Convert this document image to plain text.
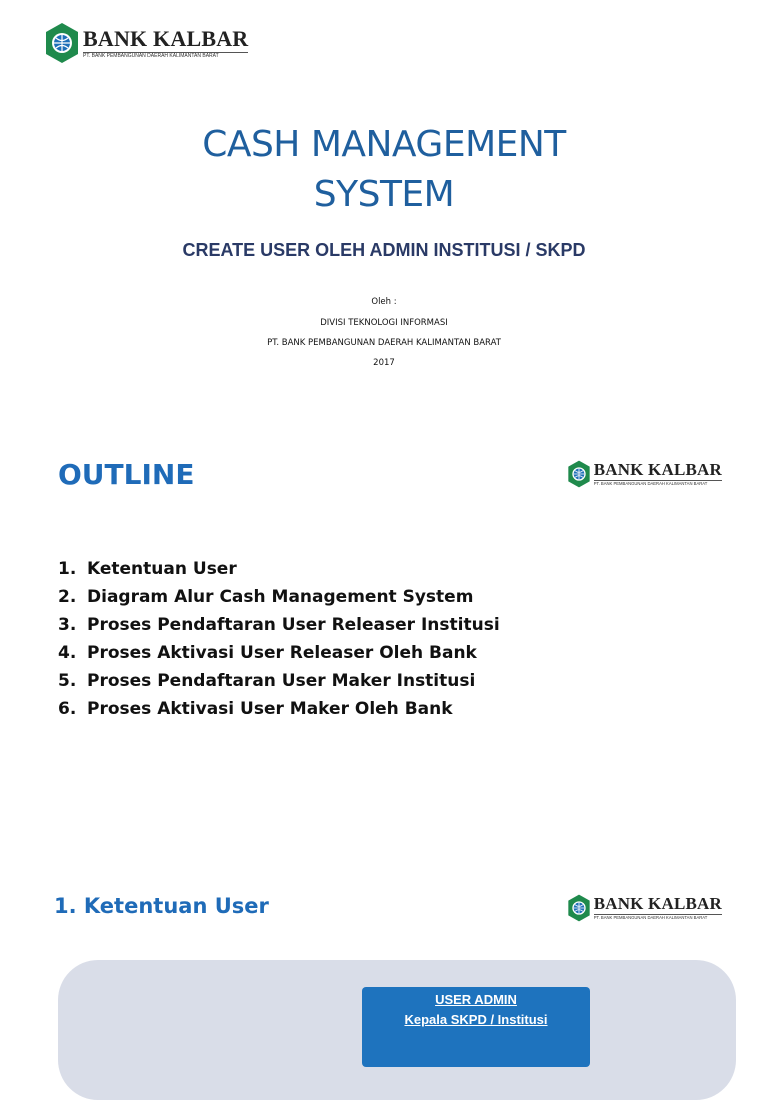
BANK KALBAR
PT. BANK PEMBANGUNAN DAERAH KALIMANTAN BARAT
CASH MANAGEMENT
SYSTEM
CREATE USER OLEH ADMIN INSTITUSI / SKPD
Oleh :
DIVISI TEKNOLOGI INFORMASI
PT. BANK PEMBANGUNAN DAERAH KALIMANTAN BARAT
2017
OUTLINE	BANK KALBAR
PT. BANK PEMBANGUNAN DAERAH KALIMANTAN BARAT
1. Ketentuan User
2. Diagram Alur Cash Management System
3. Proses Pendaftaran User Releaser Institusi
4. Proses Aktivasi User Releaser Oleh Bank
5. Proses Pendaftaran User Maker Institusi
6. Proses Aktivasi User Maker Oleh Bank
1. Ketentuan User	BANK KALBAR
PT. BANK PEMBANGUNAN DAERAH KALIMANTAN BARAT
USER ADMIN
Kepala SKPD / Institusi
